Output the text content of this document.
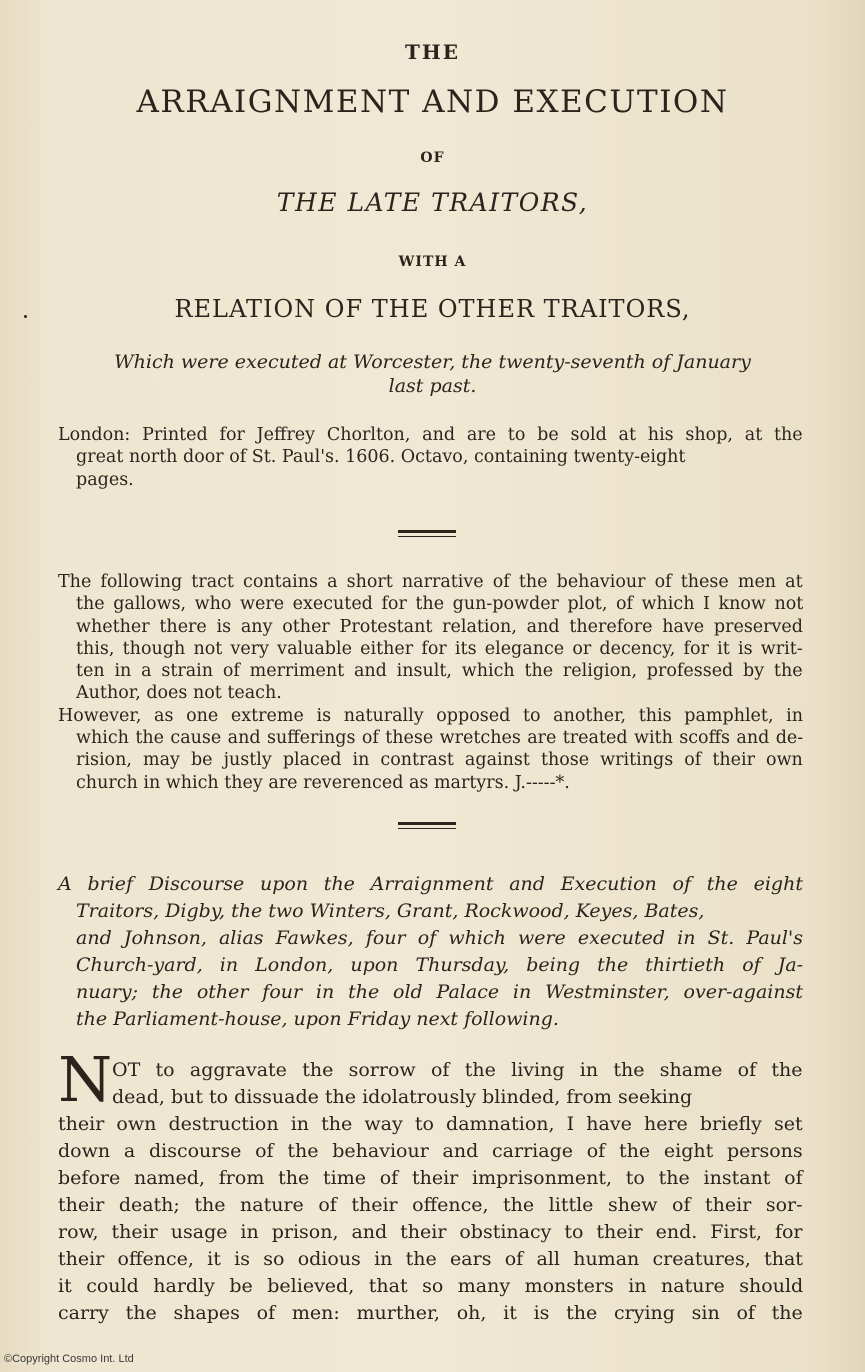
THE
ARRAIGNMENT AND EXECUTION
OF
THE LATE TRAITORS,
WITH A
RELATION OF THE OTHER TRAITORS,
Which were executed at Worcester, the twenty-seventh of January
last past.
London: Printed for Jeffrey Chorlton, and are to be sold at his shop, at the
great north door of St. Paul's. 1606. Octavo, containing twenty-eight
pages.
The following tract contains a short narrative of the behaviour of these men at
the gallows, who were executed for the gun-powder plot, of which I know not
whether there is any other Protestant relation, and therefore have preserved
this, though not very valuable either for its elegance or decency, for it is writ-
ten in a strain of merriment and insult, which the religion, professed by the
Author, does not teach.
However, as one extreme is naturally opposed to another, this pamphlet, in
which the cause and sufferings of these wretches are treated with scoffs and de-
rision, may be justly placed in contrast against those writings of their own
church in which they are reverenced as martyrs. J.-----*.
A brief Discourse upon the Arraignment and Execution of the eight
Traitors, Digby, the two Winters, Grant, Rockwood, Keyes, Bates,
and Johnson, alias Fawkes, four of which were executed in St. Paul's
Church-yard, in London, upon Thursday, being the thirtieth of Ja-
nuary; the other four in the old Palace in Westminster, over-against
the Parliament-house, upon Friday next following.
N OT to aggravate the sorrow of the living in the shame of the
dead, but to dissuade the idolatrously blinded, from seeking
their own destruction in the way to damnation, I have here briefly set
down a discourse of the behaviour and carriage of the eight persons
before named, from the time of their imprisonment, to the instant of
their death; the nature of their offence, the little shew of their sor-
row, their usage in prison, and their obstinacy to their end. First, for
their offence, it is so odious in the ears of all human creatures, that
it could hardly be believed, that so many monsters in nature should
carry the shapes of men: murther, oh, it is the crying sin of the
©Copyright Cosmo Int. Ltd
